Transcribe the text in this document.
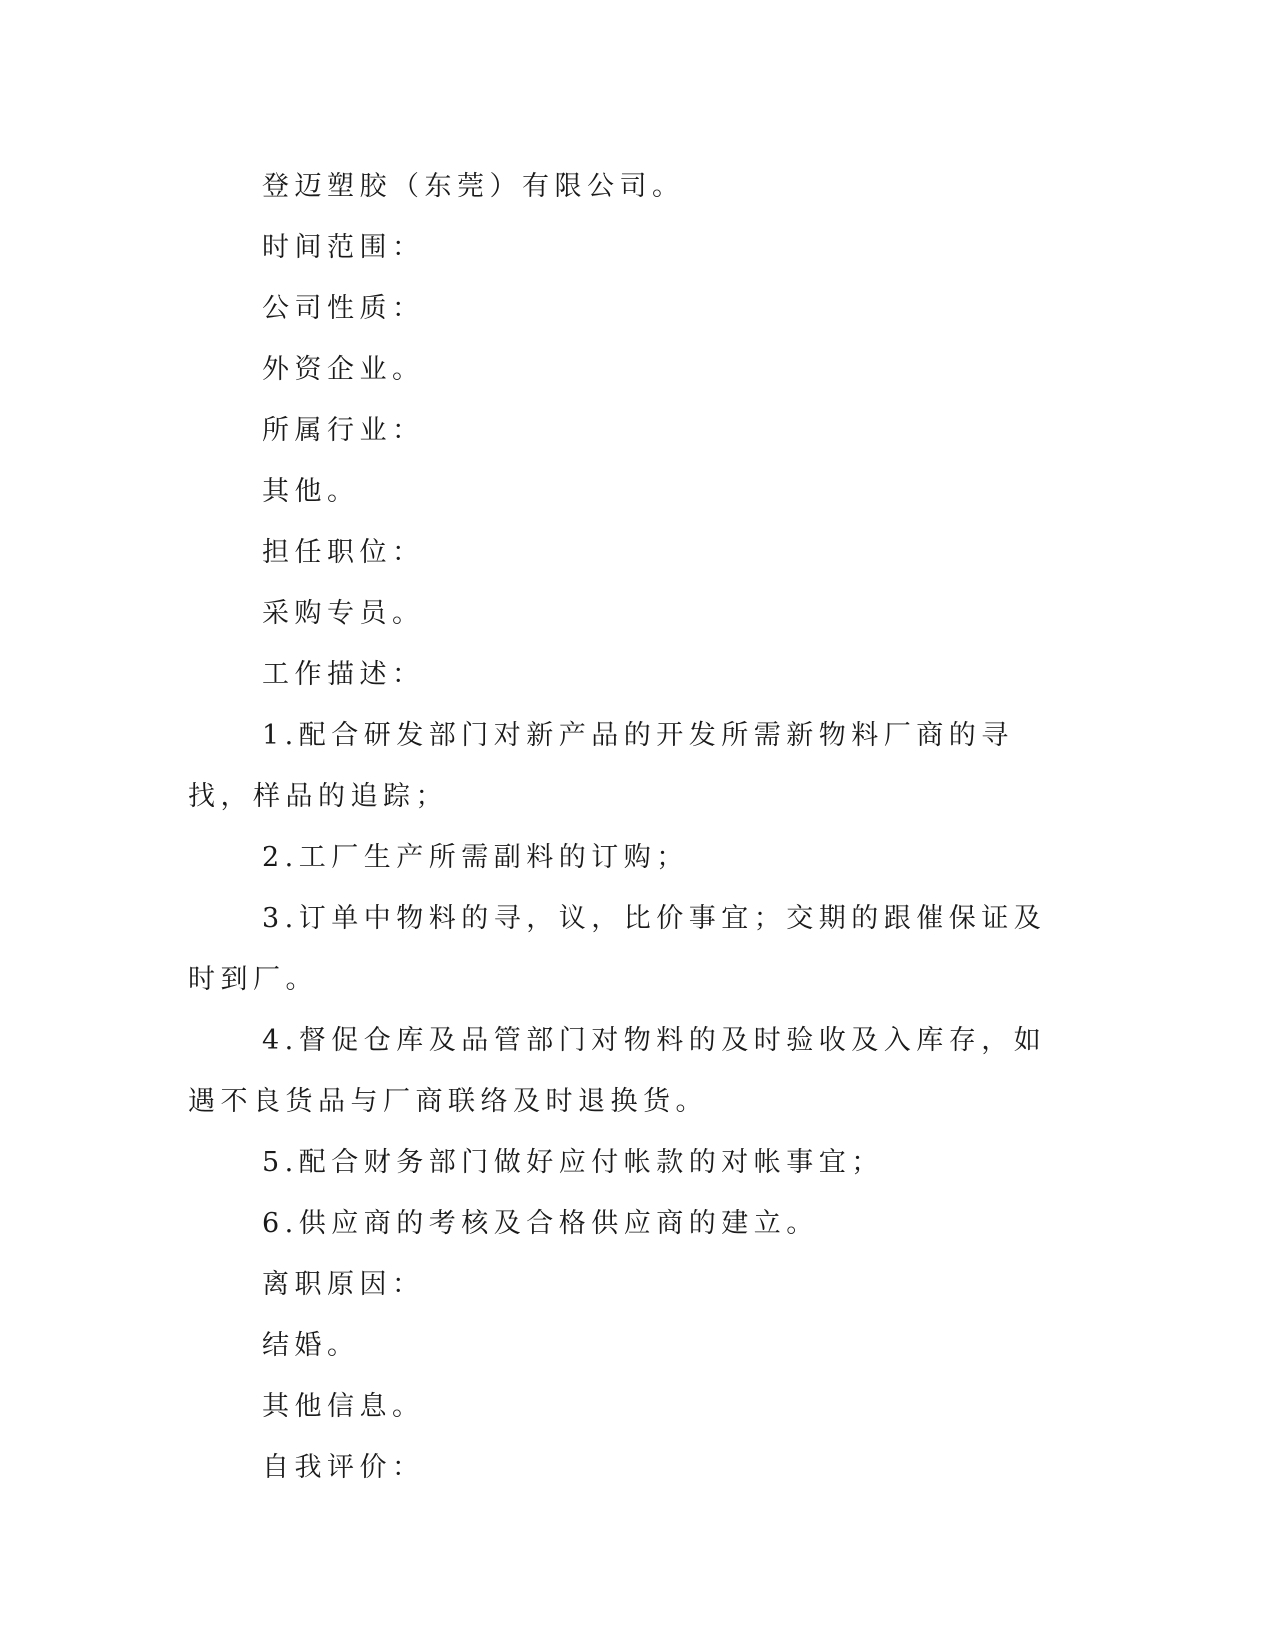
登迈塑胶（东莞）有限公司。

时间范围：

公司性质：

外资企业。

所属行业：

其他。

担任职位：

采购专员。

工作描述：

1.配合研发部门对新产品的开发所需新物料厂商的寻找，样品的追踪；

2.工厂生产所需副料的订购；

3.订单中物料的寻，议，比价事宜；交期的跟催保证及时到厂。

4.督促仓库及品管部门对物料的及时验收及入库存，如遇不良货品与厂商联络及时退换货。

5.配合财务部门做好应付帐款的对帐事宜；

6.供应商的考核及合格供应商的建立。

离职原因：

结婚。

其他信息。

自我评价：
